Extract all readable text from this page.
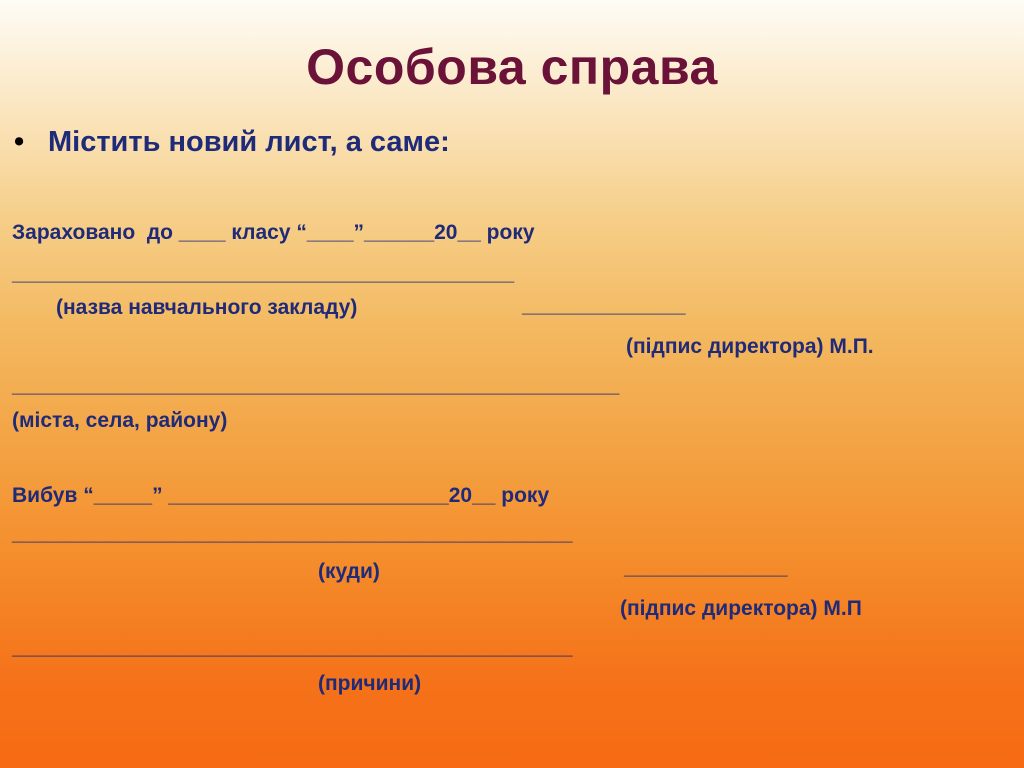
Особова справа
• Містить новий лист, а саме:
Зараховано  до ____ класу “____”______20__ року
___________________________________________
(назва навчального закладу)	______________
(підпис директора) М.П.
____________________________________________________
(міста, села, району)
Вибув “_____” ________________________20__ року
________________________________________________
(куди)	______________
(підпис директора) М.П
________________________________________________
(причини)
